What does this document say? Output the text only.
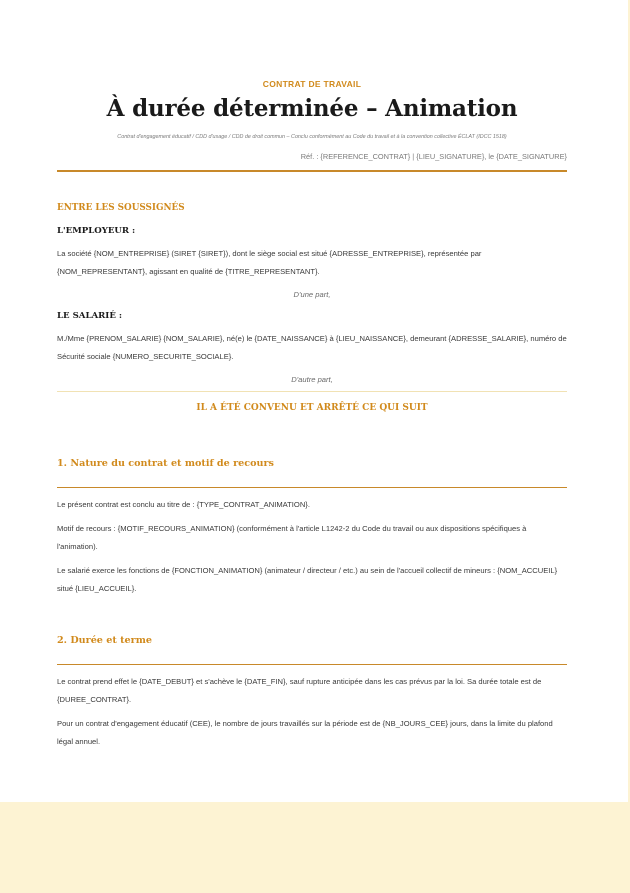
CONTRAT DE TRAVAIL

À durée déterminée – Animation

Contrat d'engagement éducatif / CDD d'usage / CDD de droit commun – Conclu conformément au Code du travail et à la convention collective ÉCLAT (IDCC 1518)

Réf. : {REFERENCE_CONTRAT} | {LIEU_SIGNATURE}, le {DATE_SIGNATURE}

ENTRE LES SOUSSIGNÉS

L'EMPLOYEUR :

La société {NOM_ENTREPRISE} (SIRET {SIRET}), dont le siège social est situé {ADRESSE_ENTREPRISE}, représentée par {NOM_REPRESENTANT}, agissant en qualité de {TITRE_REPRESENTANT}.

D'une part,

LE SALARIÉ :

M./Mme {PRENOM_SALARIE} {NOM_SALARIE}, né(e) le {DATE_NAISSANCE} à {LIEU_NAISSANCE}, demeurant {ADRESSE_SALARIE}, numéro de Sécurité sociale {NUMERO_SECURITE_SOCIALE}.

D'autre part,

IL A ÉTÉ CONVENU ET ARRÊTÉ CE QUI SUIT

1. Nature du contrat et motif de recours

Le présent contrat est conclu au titre de : {TYPE_CONTRAT_ANIMATION}.

Motif de recours : {MOTIF_RECOURS_ANIMATION} (conformément à l'article L1242-2 du Code du travail ou aux dispositions spécifiques à l'animation).

Le salarié exerce les fonctions de {FONCTION_ANIMATION} (animateur / directeur / etc.) au sein de l'accueil collectif de mineurs : {NOM_ACCUEIL} situé {LIEU_ACCUEIL}.

2. Durée et terme

Le contrat prend effet le {DATE_DEBUT} et s'achève le {DATE_FIN}, sauf rupture anticipée dans les cas prévus par la loi. Sa durée totale est de {DUREE_CONTRAT}.

Pour un contrat d'engagement éducatif (CEE), le nombre de jours travaillés sur la période est de {NB_JOURS_CEE} jours, dans la limite du plafond légal annuel.
